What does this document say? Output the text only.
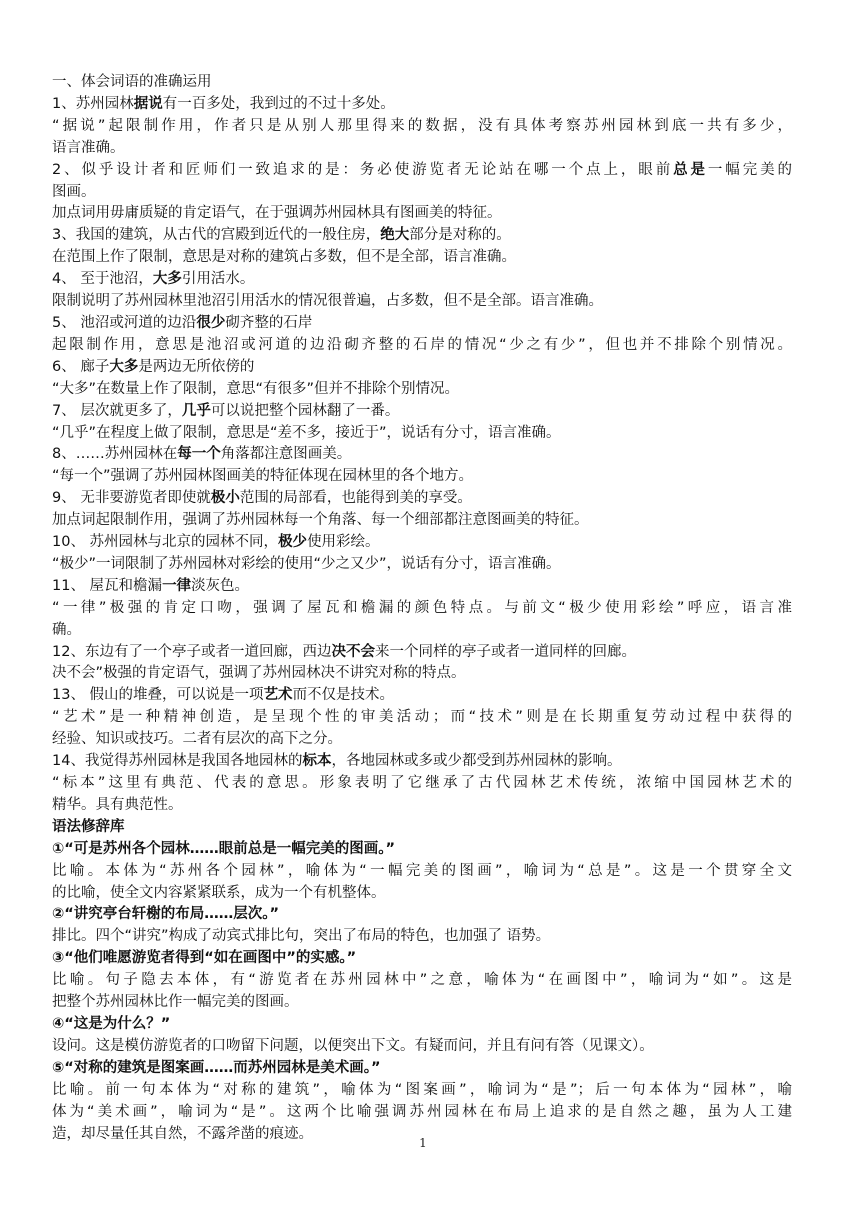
一、体会词语的准确运用
1、苏州园林据说有一百多处，我到过的不过十多处。
“据说”起限制作用，作者只是从别人那里得来的数据，没有具体考察苏州园林到底一共有多少，
语言准确。
2、似乎设计者和匠师们一致追求的是：务必使游览者无论站在哪一个点上，眼前总是一幅完美的
图画。
加点词用毋庸质疑的肯定语气，在于强调苏州园林具有图画美的特征。
3、我国的建筑，从古代的宫殿到近代的一般住房，绝大部分是对称的。
在范围上作了限制，意思是对称的建筑占多数，但不是全部，语言准确。
4、 至于池沼，大多引用活水。
限制说明了苏州园林里池沼引用活水的情况很普遍，占多数，但不是全部。语言准确。
5、 池沼或河道的边沿很少砌齐整的石岸
起限制作用，意思是池沼或河道的边沿砌齐整的石岸的情况“少之有少”，但也并不排除个别情况。
6、 廊子大多是两边无所依傍的
“大多”在数量上作了限制，意思“有很多”但并不排除个别情况。
7、 层次就更多了，几乎可以说把整个园林翻了一番。
“几乎”在程度上做了限制，意思是“差不多，接近于”，说话有分寸，语言准确。
8、……苏州园林在每一个角落都注意图画美。
“每一个”强调了苏州园林图画美的特征体现在园林里的各个地方。
9、 无非要游览者即使就极小范围的局部看，也能得到美的享受。
加点词起限制作用，强调了苏州园林每一个角落、每一个细部都注意图画美的特征。
10、 苏州园林与北京的园林不同，极少使用彩绘。
“极少”一词限制了苏州园林对彩绘的使用“少之又少”，说话有分寸，语言准确。
11、 屋瓦和檐漏一律淡灰色。
“一律”极强的肯定口吻，强调了屋瓦和檐漏的颜色特点。与前文“极少使用彩绘”呼应，语言准
确。
12、东边有了一个亭子或者一道回廊，西边决不会来一个同样的亭子或者一道同样的回廊。
决不会”极强的肯定语气，强调了苏州园林决不讲究对称的特点。
13、 假山的堆叠，可以说是一项艺术而不仅是技术。
“艺术”是一种精神创造，是呈现个性的审美活动；而“技术”则是在长期重复劳动过程中获得的
经验、知识或技巧。二者有层次的高下之分。
14、我觉得苏州园林是我国各地园林的标本，各地园林或多或少都受到苏州园林的影响。
“标本”这里有典范、代表的意思。形象表明了它继承了古代园林艺术传统，浓缩中国园林艺术的
精华。具有典范性。
语法修辞库
①“可是苏州各个园林……眼前总是一幅完美的图画。”
比喻。本体为“苏州各个园林”，喻体为“一幅完美的图画”，喻词为“总是”。这是一个贯穿全文
的比喻，使全文内容紧紧联系，成为一个有机整体。
②“讲究亭台轩榭的布局……层次。”
排比。四个“讲究”构成了动宾式排比句，突出了布局的特色，也加强了 语势。
③“他们唯愿游览者得到“如在画图中”的实感。”
比喻。句子隐去本体，有“游览者在苏州园林中”之意，喻体为“在画图中”，喻词为“如”。这是
把整个苏州园林比作一幅完美的图画。
④“这是为什么？”
设问。这是模仿游览者的口吻留下问题，以便突出下文。有疑而问，并且有问有答（见课文）。
⑤“对称的建筑是图案画……而苏州园林是美术画。”
比喻。前一句本体为“对称的建筑”，喻体为“图案画”，喻词为“是”；后一句本体为“园林”，喻
体为“美术画”，喻词为“是”。这两个比喻强调苏州园林在布局上追求的是自然之趣，虽为人工建
造，却尽量任其自然，不露斧凿的痕迹。
1
